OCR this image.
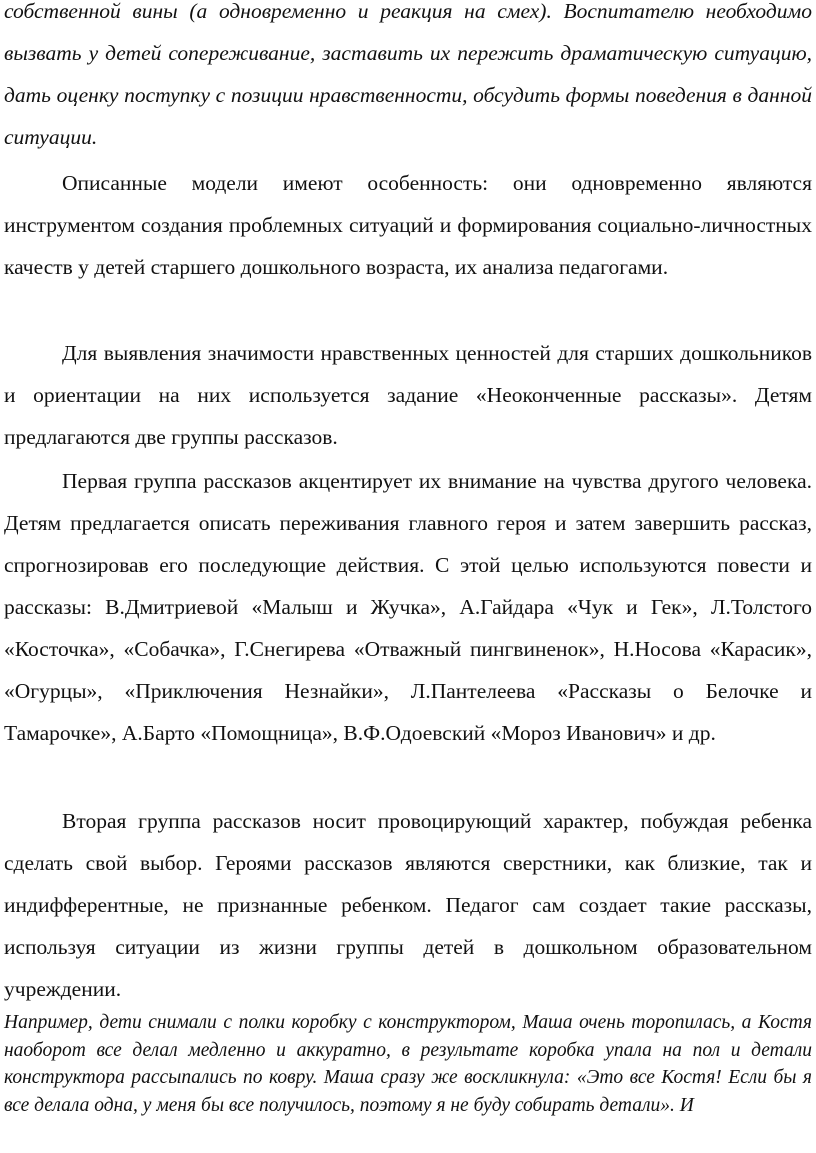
собственной вины (а одновременно и реакция на смех). Воспитателю необходимо вызвать у детей сопереживание, заставить их пережить драматическую ситуацию, дать оценку поступку с позиции нравственности, обсудить формы поведения в данной ситуации.

Описанные модели имеют особенность: они одновременно являются инструментом создания проблемных ситуаций и формирования социально-личностных качеств у детей старшего дошкольного возраста, их анализа педагогами.

Для выявления значимости нравственных ценностей для старших дошкольников и ориентации на них используется задание «Неоконченные рассказы». Детям предлагаются две группы рассказов.

Первая группа рассказов акцентирует их внимание на чувства другого человека. Детям предлагается описать переживания главного героя и затем завершить рассказ, спрогнозировав его последующие действия. С этой целью используются повести и рассказы: В.Дмитриевой «Малыш и Жучка», А.Гайдара «Чук и Гек», Л.Толстого «Косточка», «Собачка», Г.Снегирева «Отважный пингвиненок», Н.Носова «Карасик», «Огурцы», «Приключения Незнайки», Л.Пантелеева «Рассказы о Белочке и Тамарочке», А.Барто «Помощница», В.Ф.Одоевский «Мороз Иванович» и др.

Вторая группа рассказов носит провоцирующий характер, побуждая ребенка сделать свой выбор. Героями рассказов являются сверстники, как близкие, так и индифферентные, не признанные ребенком. Педагог сам создает такие рассказы, используя ситуации из жизни группы детей в дошкольном образовательном учреждении.

Например, дети снимали с полки коробку с конструктором, Маша очень торопилась, а Костя наоборот все делал медленно и аккуратно, в результате коробка упала на пол и детали конструктора рассыпались по ковру. Маша сразу же воскликнула: «Это все Костя! Если бы я все делала одна, у меня бы все получилось, поэтому я не буду собирать детали». И
